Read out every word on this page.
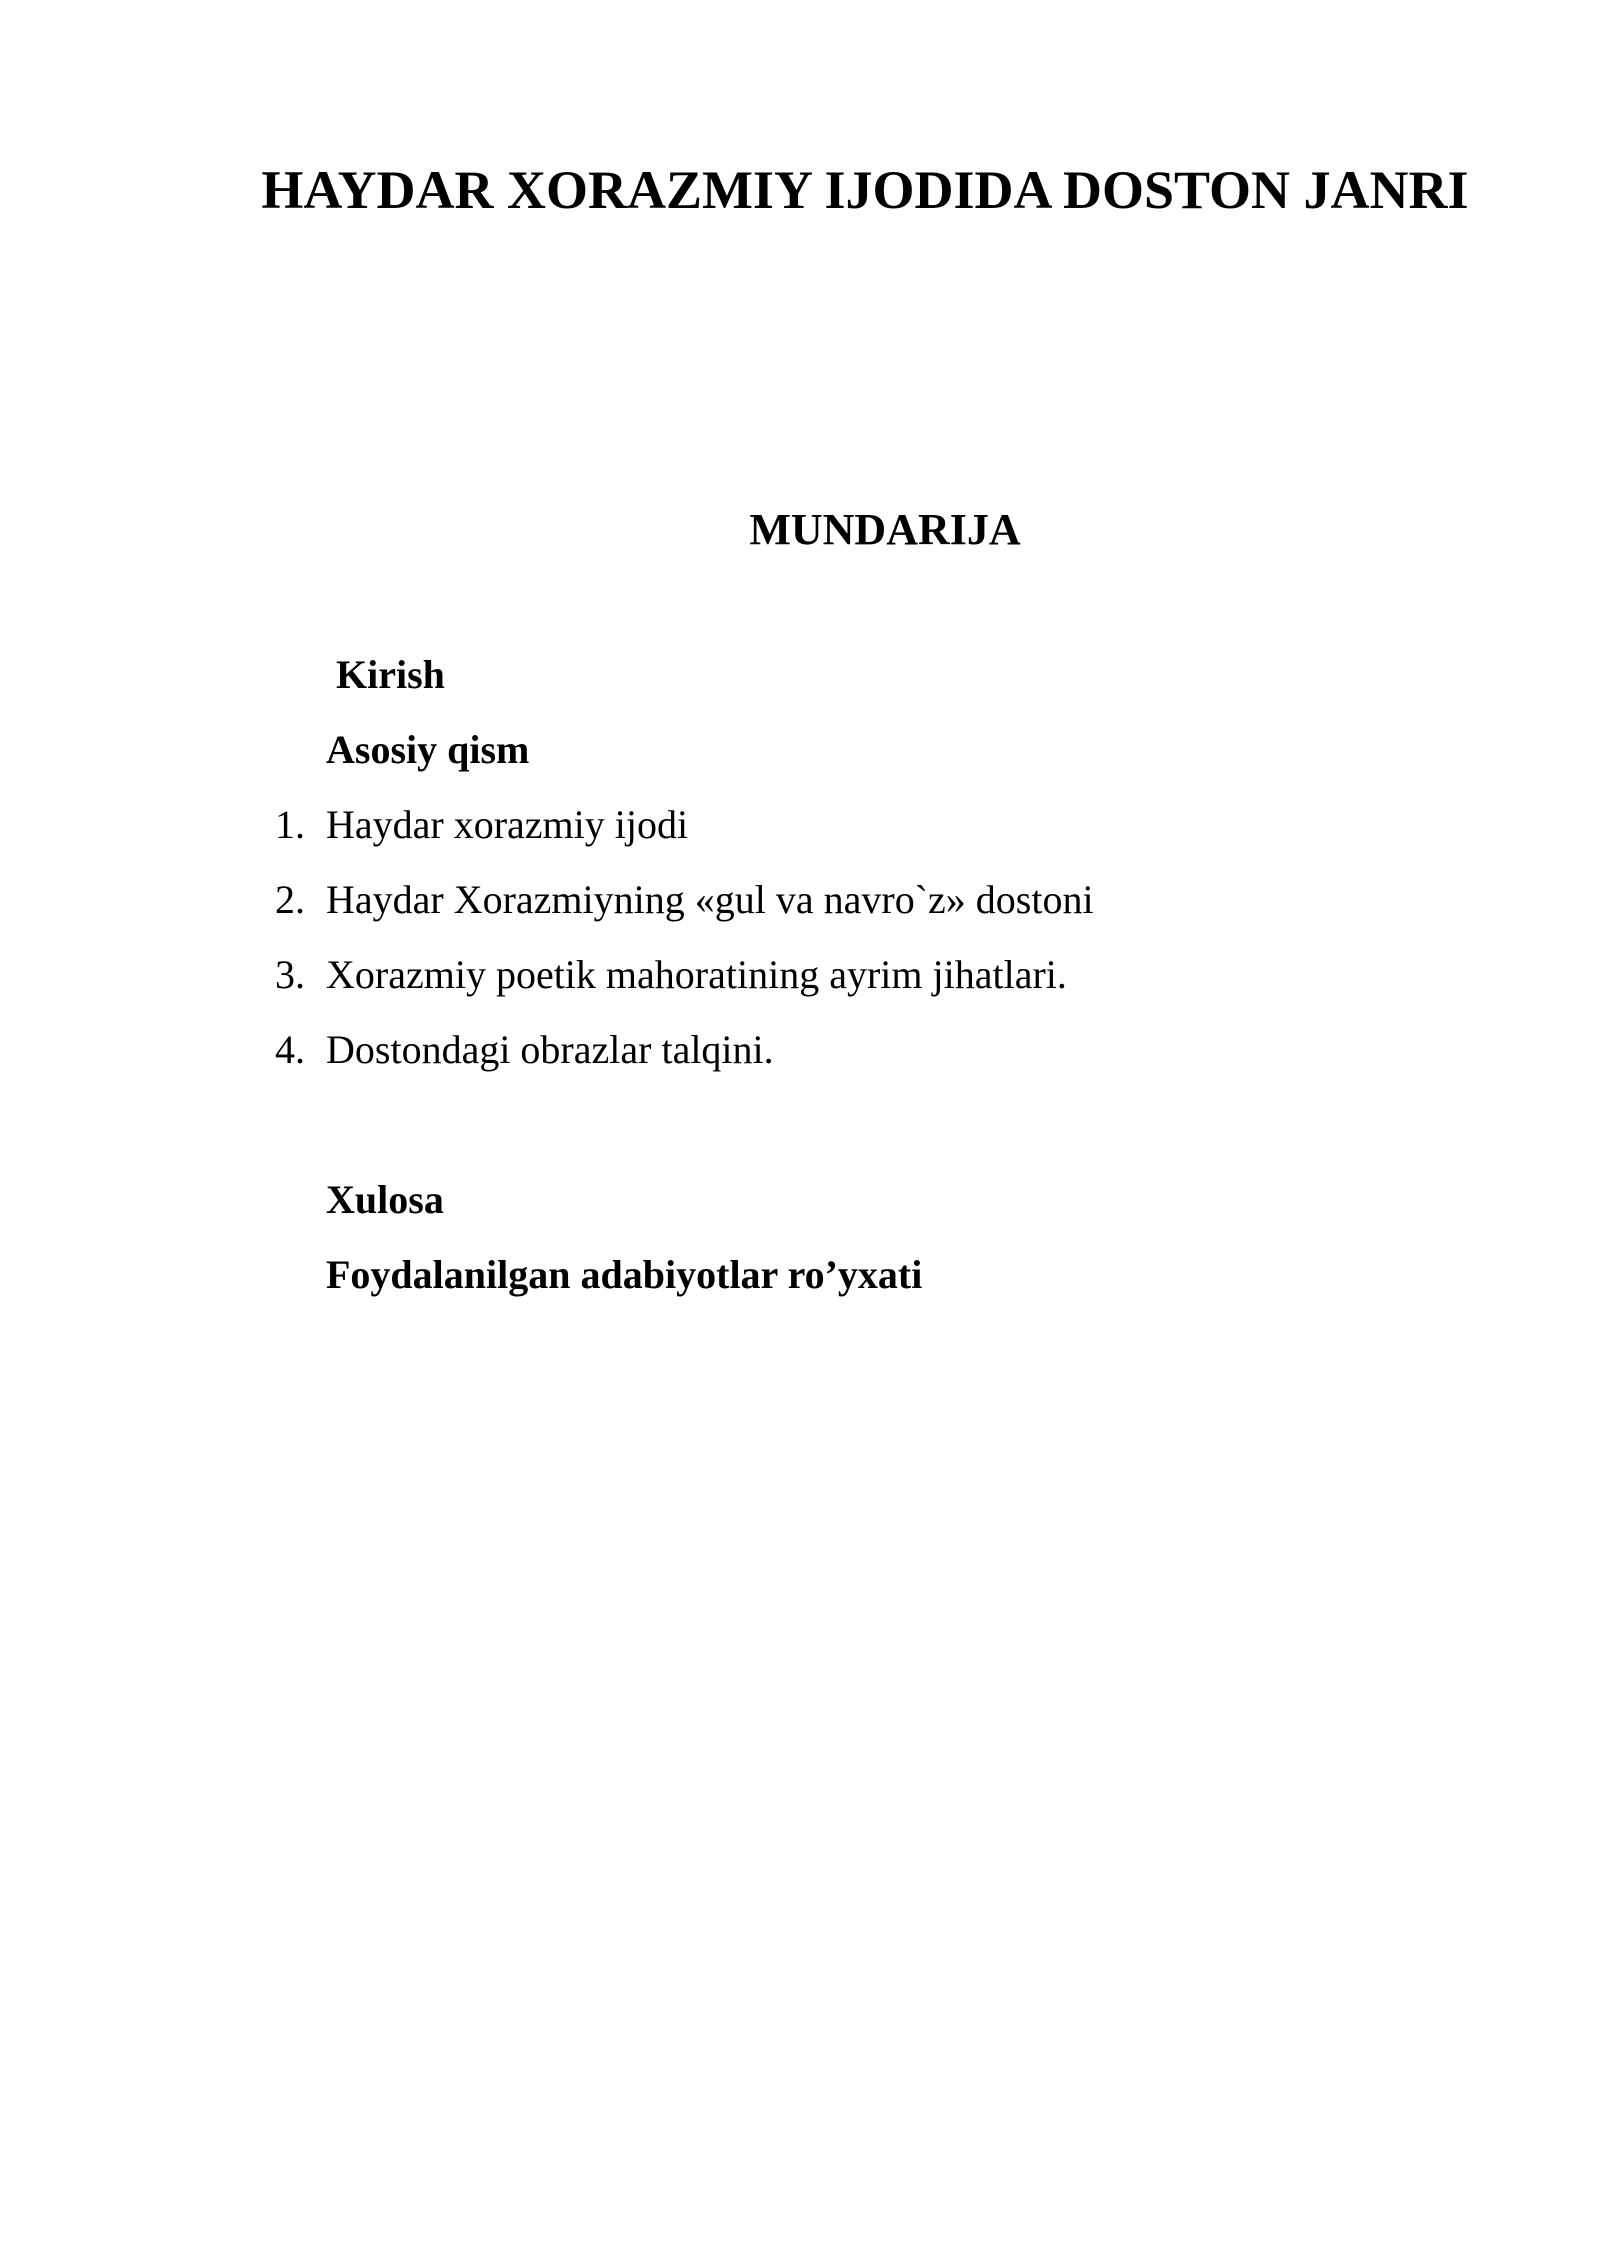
HAYDAR XORAZMIY IJODIDA DOSTON JANRI
MUNDARIJA

Kirish

Asosiy qism

1. Haydar xorazmiy ijodi
2. Haydar Xorazmiyning «gul va navro`z» dostoni
3. Xorazmiy poetik mahoratining ayrim jihatlari.
4. Dostondagi obrazlar talqini.

Xulosa

Foydalanilgan adabiyotlar ro’yxati
